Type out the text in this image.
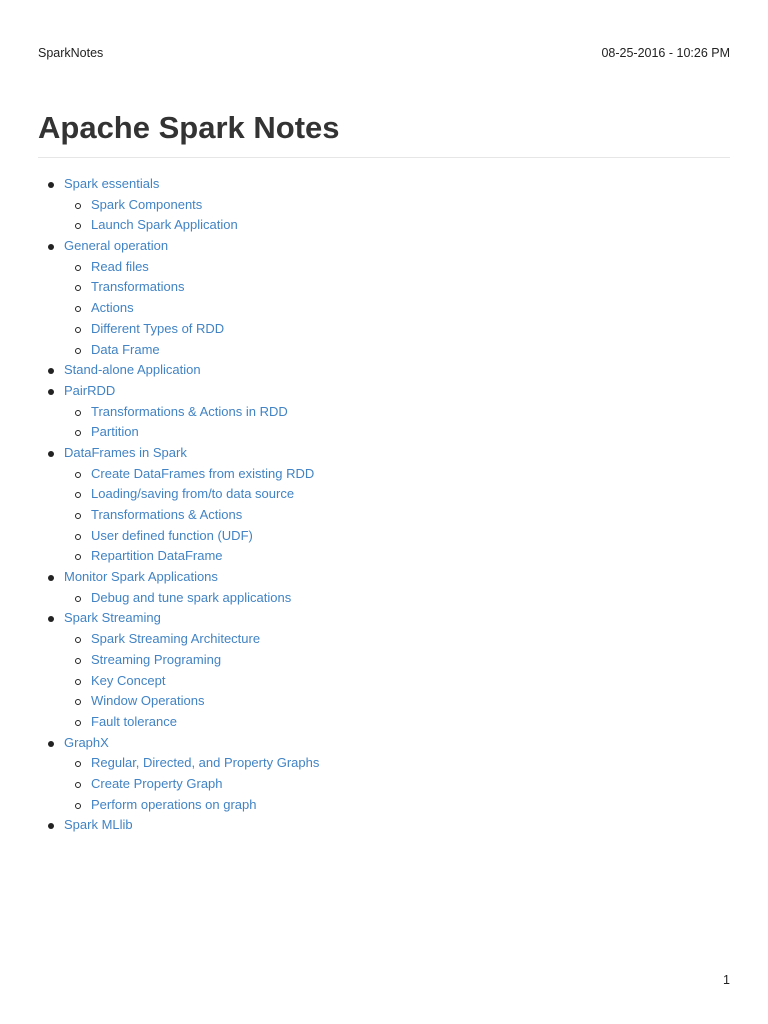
SparkNotes	08-25-2016 - 10:26 PM
Apache Spark Notes
Spark essentials
Spark Components
Launch Spark Application
General operation
Read files
Transformations
Actions
Different Types of RDD
Data Frame
Stand-alone Application
PairRDD
Transformations & Actions in RDD
Partition
DataFrames in Spark
Create DataFrames from existing RDD
Loading/saving from/to data source
Transformations & Actions
User defined function (UDF)
Repartition DataFrame
Monitor Spark Applications
Debug and tune spark applications
Spark Streaming
Spark Streaming Architecture
Streaming Programing
Key Concept
Window Operations
Fault tolerance
GraphX
Regular, Directed, and Property Graphs
Create Property Graph
Perform operations on graph
Spark MLlib
1
